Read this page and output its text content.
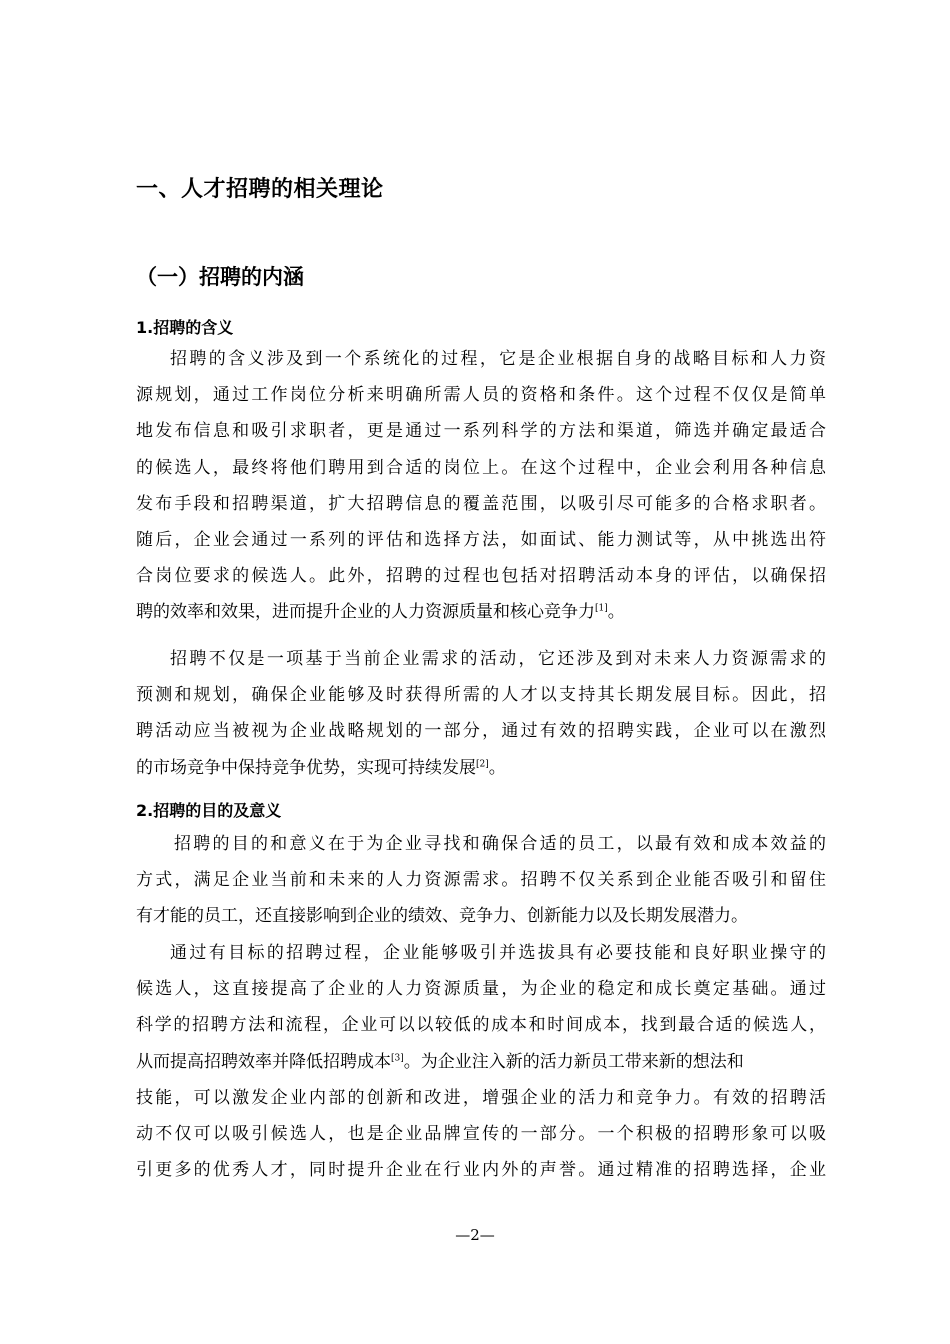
一、人才招聘的相关理论
（一）招聘的内涵
1.招聘的含义
招聘的含义涉及到一个系统化的过程，它是企业根据自身的战略目标和人力资
源规划，通过工作岗位分析来明确所需人员的资格和条件。这个过程不仅仅是简单
地发布信息和吸引求职者，更是通过一系列科学的方法和渠道，筛选并确定最适合
的候选人，最终将他们聘用到合适的岗位上。在这个过程中，企业会利用各种信息
发布手段和招聘渠道，扩大招聘信息的覆盖范围，以吸引尽可能多的合格求职者。
随后，企业会通过一系列的评估和选择方法，如面试、能力测试等，从中挑选出符
合岗位要求的候选人。此外，招聘的过程也包括对招聘活动本身的评估，以确保招
聘的效率和效果，进而提升企业的人力资源质量和核心竞争力[1]。
招聘不仅是一项基于当前企业需求的活动，它还涉及到对未来人力资源需求的
预测和规划，确保企业能够及时获得所需的人才以支持其长期发展目标。因此，招
聘活动应当被视为企业战略规划的一部分，通过有效的招聘实践，企业可以在激烈
的市场竞争中保持竞争优势，实现可持续发展[2]。
2.招聘的目的及意义
招聘的目的和意义在于为企业寻找和确保合适的员工，以最有效和成本效益的
方式，满足企业当前和未来的人力资源需求。招聘不仅关系到企业能否吸引和留住
有才能的员工，还直接影响到企业的绩效、竞争力、创新能力以及长期发展潜力。
通过有目标的招聘过程，企业能够吸引并选拔具有必要技能和良好职业操守的
候选人，这直接提高了企业的人力资源质量，为企业的稳定和成长奠定基础。通过
科学的招聘方法和流程，企业可以以较低的成本和时间成本，找到最合适的候选人，
从而提高招聘效率并降低招聘成本[3]。为企业注入新的活力新员工带来新的想法和
技能，可以激发企业内部的创新和改进，增强企业的活力和竞争力。有效的招聘活
动不仅可以吸引候选人，也是企业品牌宣传的一部分。一个积极的招聘形象可以吸
引更多的优秀人才，同时提升企业在行业内外的声誉。通过精准的招聘选择，企业
—2—
